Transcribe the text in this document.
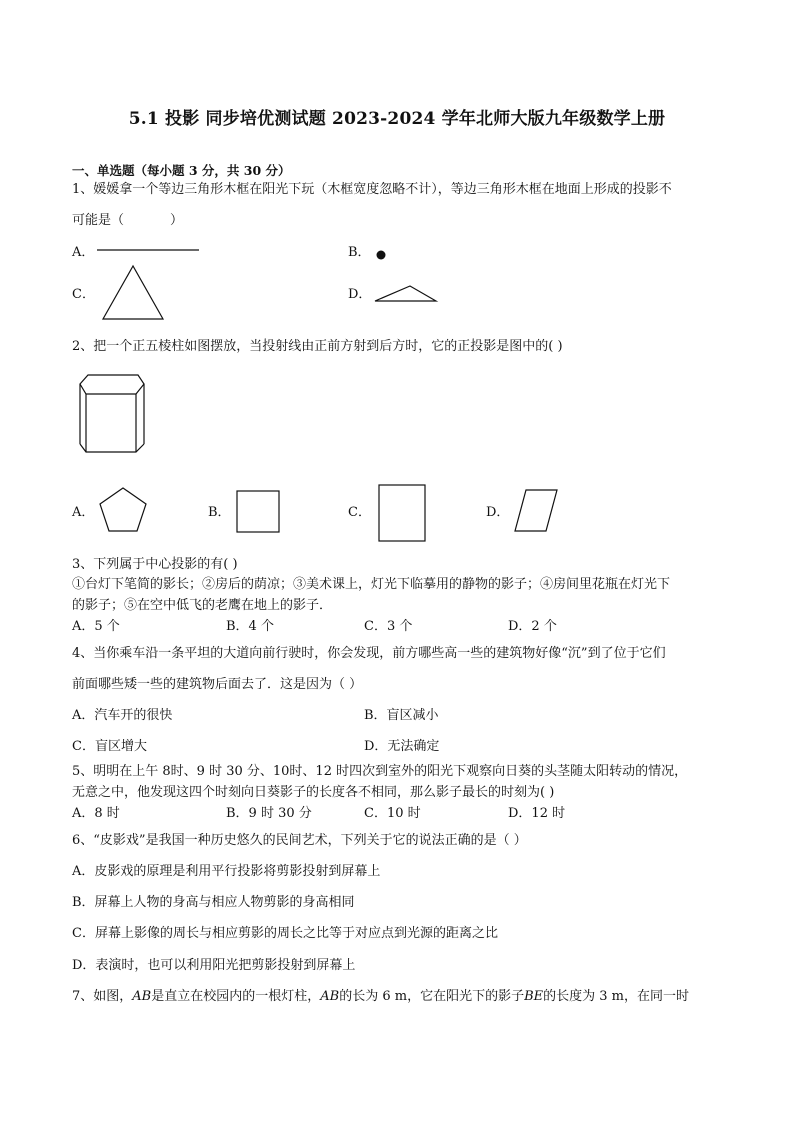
5.1 投影 同步培优测试题 2023-2024 学年北师大版九年级数学上册
一、单选题（每小题 3 分，共 30 分）
1、媛媛拿一个等边三角形木框在阳光下玩（木框宽度忽略不计），等边三角形木框在地面上形成的投影不
可能是（	）
A．	B．
C．	D．
2、把一个正五棱柱如图摆放，当投射线由正前方射到后方时，它的正投影是图中的( )
A．	B．	C．	D．
3、下列属于中心投影的有( )
①台灯下笔简的影长；②房后的荫凉；③美术课上，灯光下临摹用的静物的影子；④房间里花瓶在灯光下
的影子；⑤在空中低飞的老鹰在地上的影子．
A．5 个	B．4 个	C．3 个	D．2 个
4、当你乘车沿一条平坦的大道向前行驶时，你会发现，前方哪些高一些的建筑物好像“沉”到了位于它们
前面哪些矮一些的建筑物后面去了．这是因为（ ）
A．汽车开的很快	B．盲区减小
C．盲区增大	D．无法确定
5、明明在上午 8时、9 时 30 分、10时、12 时四次到室外的阳光下观察向日葵的头茎随太阳转动的情况，
无意之中，他发现这四个时刻向日葵影子的长度各不相同，那么影子最长的时刻为( )
A．8 时	B．9 时 30 分	C．10 时	D．12 时
6、“皮影戏”是我国一种历史悠久的民间艺术，下列关于它的说法正确的是（ ）
A．皮影戏的原理是利用平行投影将剪影投射到屏幕上
B．屏幕上人物的身高与相应人物剪影的身高相同
C．屏幕上影像的周长与相应剪影的周长之比等于对应点到光源的距离之比
D．表演时，也可以利用阳光把剪影投射到屏幕上
7、如图，AB是直立在校园内的一根灯柱，AB的长为 6 m，它在阳光下的影子BE的长度为 3 m，在同一时
